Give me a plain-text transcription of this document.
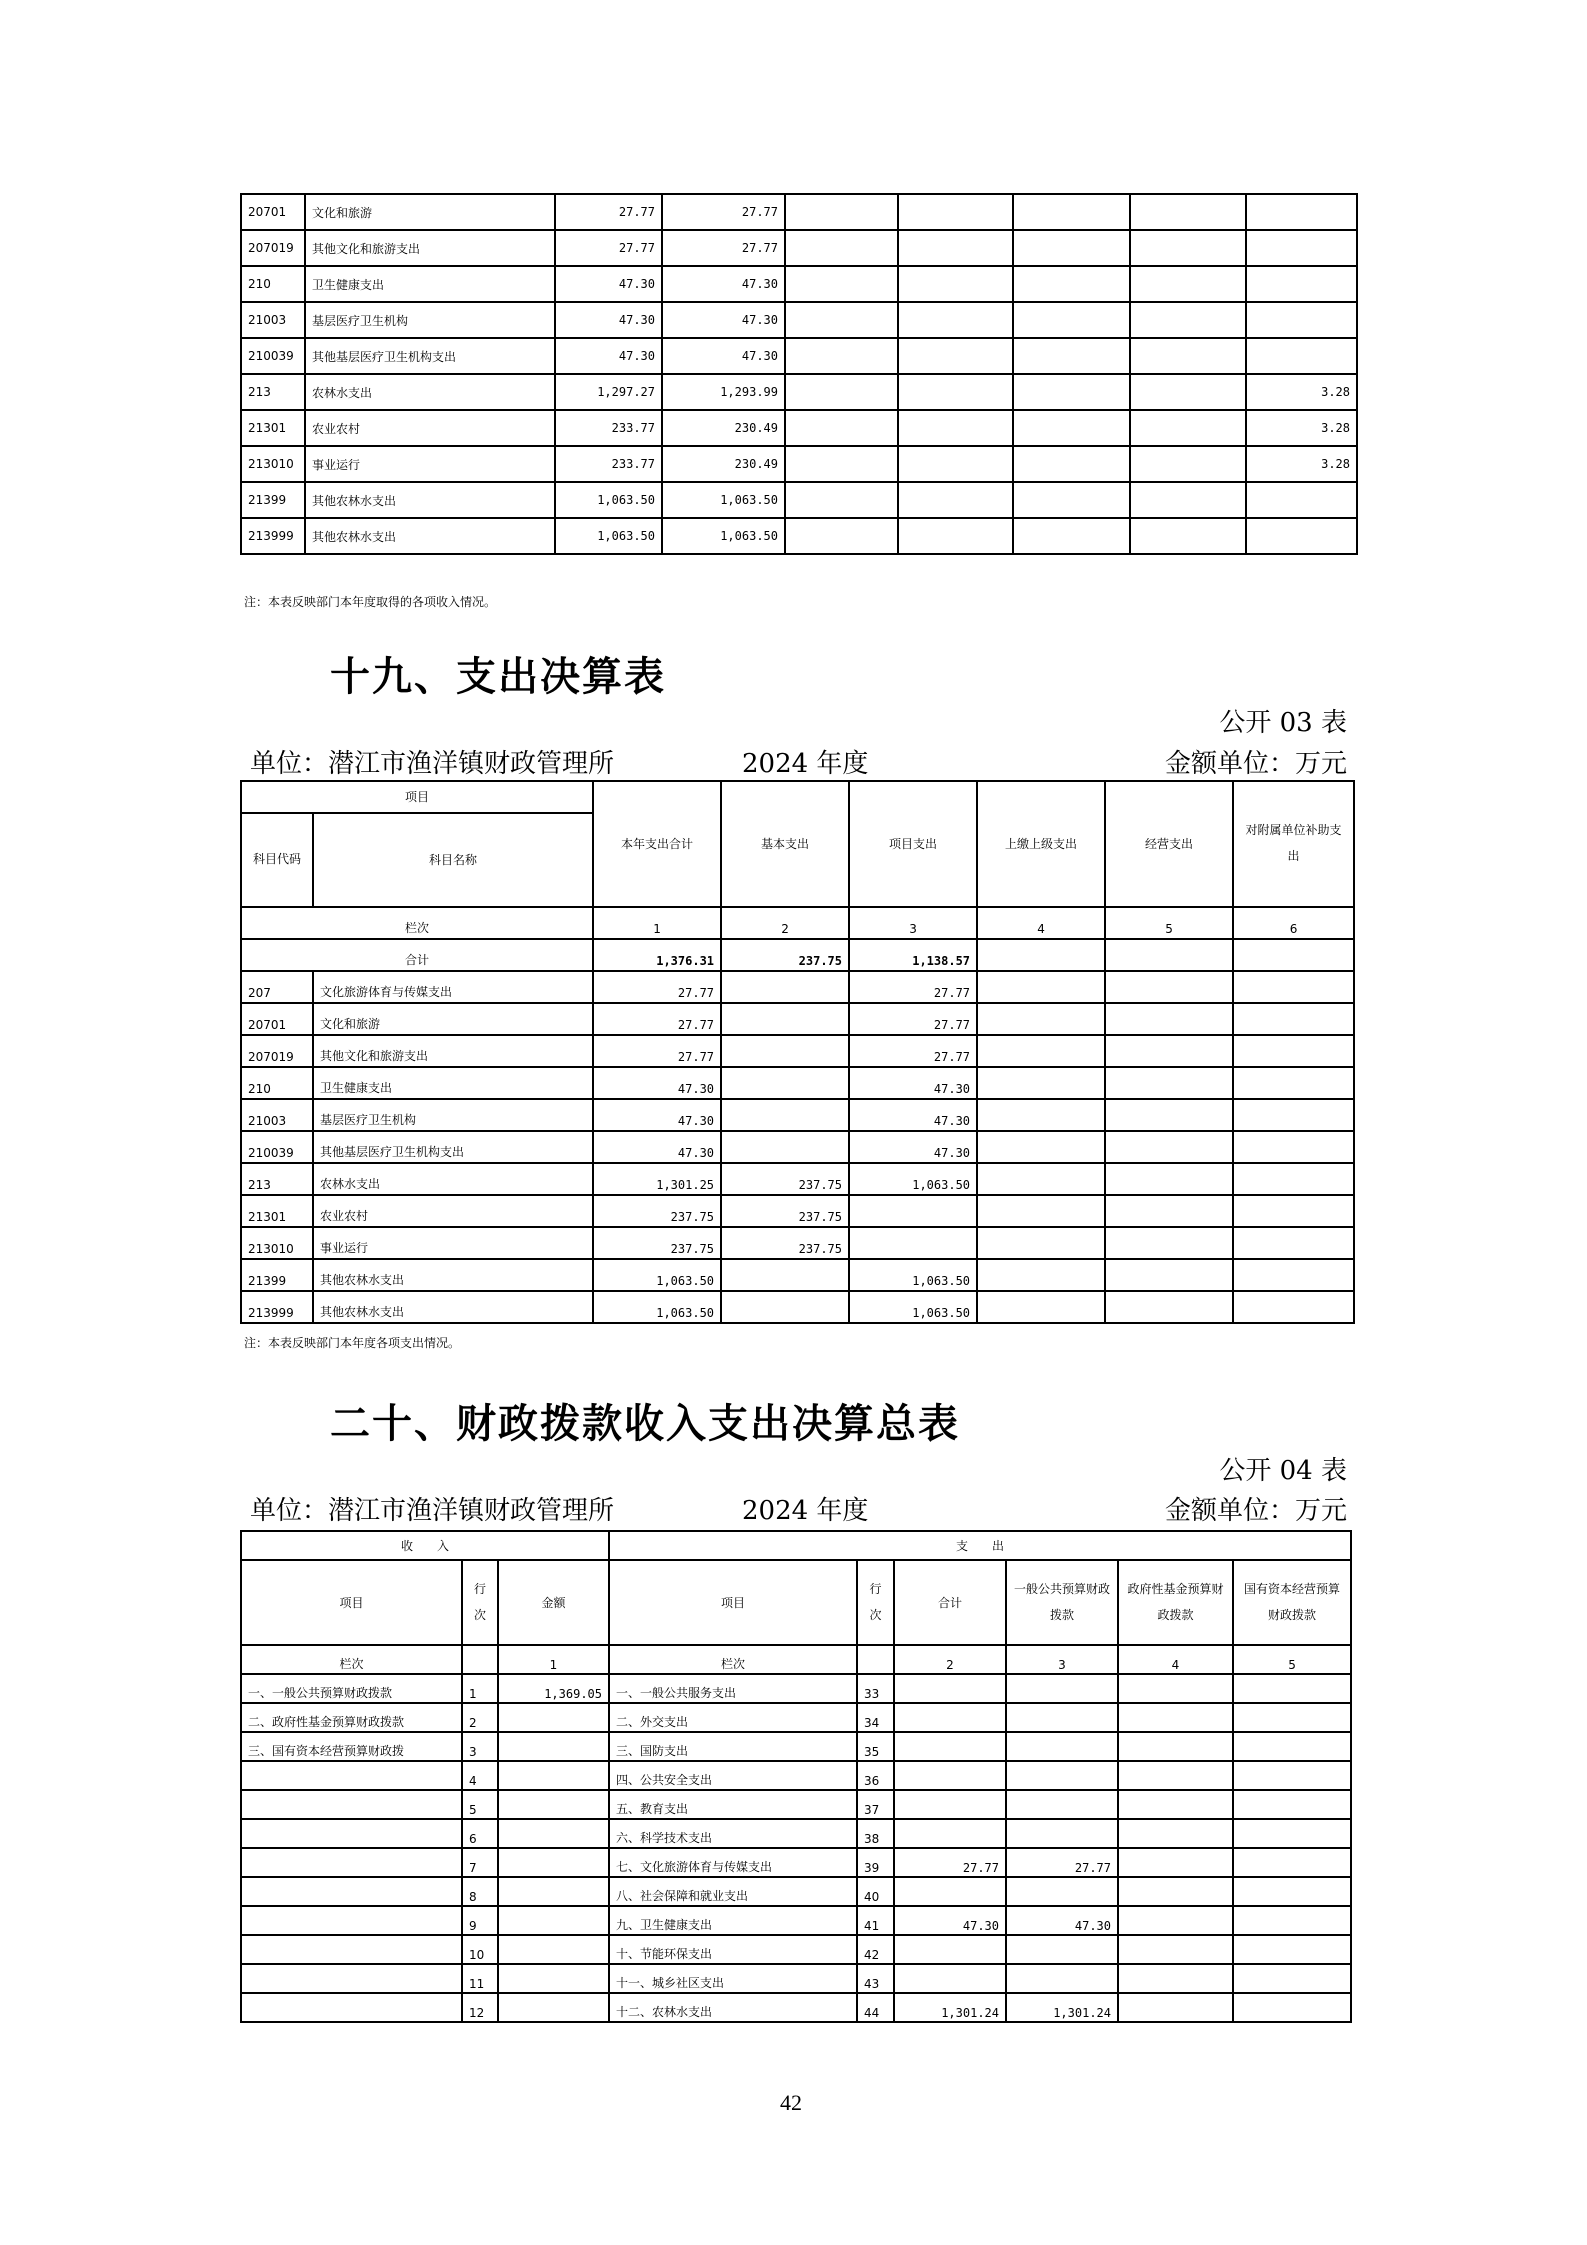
20701	文化和旅游	27.77	27.77					
207019	其他文化和旅游支出	27.77	27.77					
210	卫生健康支出	47.30	47.30					
21003	基层医疗卫生机构	47.30	47.30					
210039	其他基层医疗卫生机构支出	47.30	47.30					
213	农林水支出	1,297.27	1,293.99					3.28
21301	农业农村	233.77	230.49					3.28
213010	事业运行	233.77	230.49					3.28
21399	其他农林水支出	1,063.50	1,063.50					
213999	其他农林水支出	1,063.50	1,063.50					
注：本表反映部门本年度取得的各项收入情况。
十九、支出决算表
公开 03 表
单位：潜江市渔洋镇财政管理所	2024 年度	金额单位：万元
项目		本年支出合计	基本支出	项目支出	上缴上级支出	经营支出	对附属单位补助支出
科目代码	科目名称						
栏次		1	2	3	4	5	6
合计		1,376.31	237.75	1,138.57			
207	文化旅游体育与传媒支出	27.77		27.77			
20701	文化和旅游	27.77		27.77			
207019	其他文化和旅游支出	27.77		27.77			
210	卫生健康支出	47.30		47.30			
21003	基层医疗卫生机构	47.30		47.30			
210039	其他基层医疗卫生机构支出	47.30		47.30			
213	农林水支出	1,301.25	237.75	1,063.50			
21301	农业农村	237.75	237.75				
213010	事业运行	237.75	237.75				
21399	其他农林水支出	1,063.50		1,063.50			
213999	其他农林水支出	1,063.50		1,063.50			
注：本表反映部门本年度各项支出情况。
二十、财政拨款收入支出决算总表
公开 04 表
单位：潜江市渔洋镇财政管理所	2024 年度	金额单位：万元
收　　入			支　　出					
项目	行次	金额	项目	行次	合计	一般公共预算财政拨款	政府性基金预算财政拨款	国有资本经营预算财政拨款
栏次		1	栏次		2	3	4	5
一、一般公共预算财政拨款	1	1,369.05	一、一般公共服务支出	33				
二、政府性基金预算财政拨款	2		二、外交支出	34				
三、国有资本经营预算财政拨	3		三、国防支出	35				
	4		四、公共安全支出	36				
	5		五、教育支出	37				
	6		六、科学技术支出	38				
	7		七、文化旅游体育与传媒支出	39	27.77	27.77		
	8		八、社会保障和就业支出	40				
	9		九、卫生健康支出	41	47.30	47.30		
	10		十、节能环保支出	42				
	11		十一、城乡社区支出	43				
	12		十二、农林水支出	44	1,301.24	1,301.24		
42
